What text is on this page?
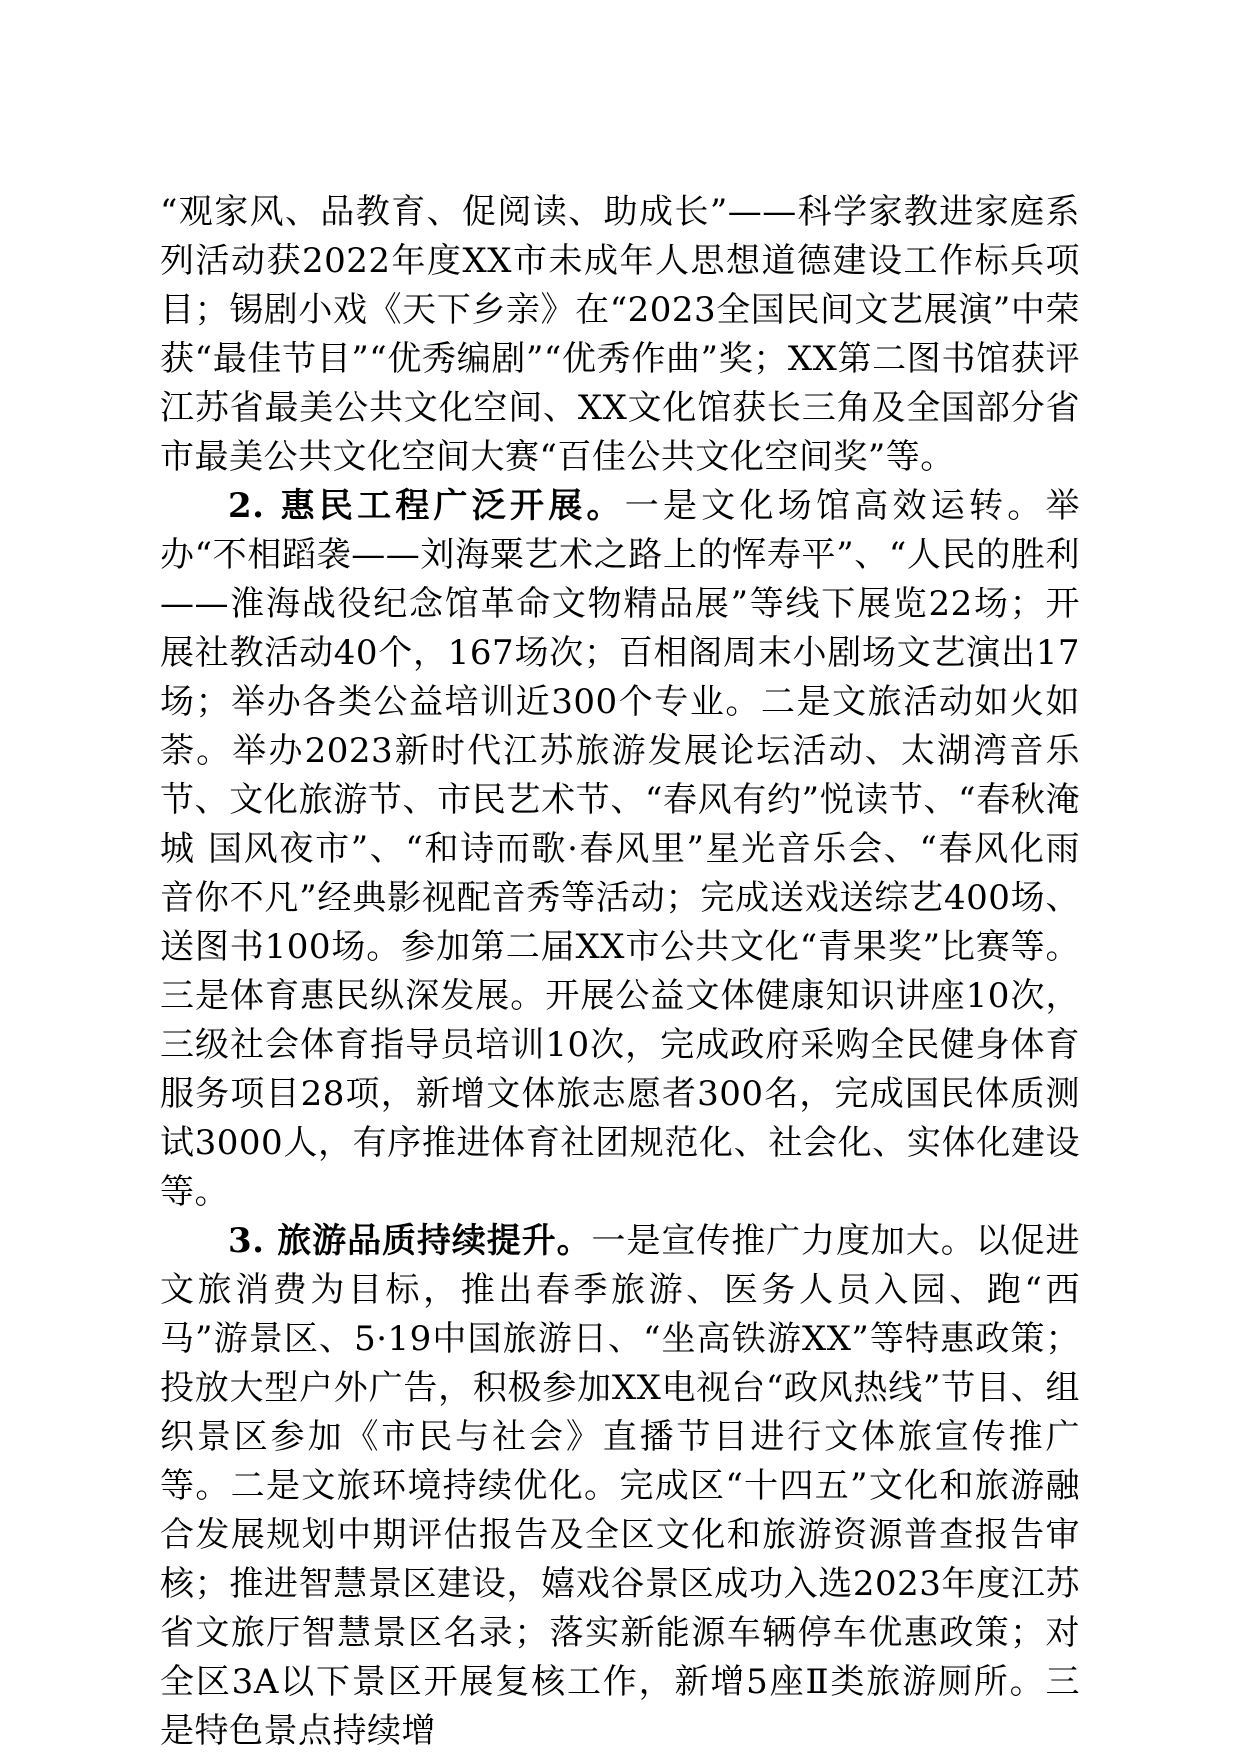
“观家风、品教育、促阅读、助成长”——科学家教进家庭系列活动获2022年度XX市未成年人思想道德建设工作标兵项目；锡剧小戏《天下乡亲》在“2023全国民间文艺展演”中荣获“最佳节目”“优秀编剧”“优秀作曲”奖；XX第二图书馆获评江苏省最美公共文化空间、XX文化馆获长三角及全国部分省市最美公共文化空间大赛“百佳公共文化空间奖”等。

2. 惠民工程广泛开展。一是文化场馆高效运转。举办“不相蹈袭——刘海粟艺术之路上的恽寿平”、“人民的胜利——淮海战役纪念馆革命文物精品展”等线下展览22场；开展社教活动40个，167场次；百相阁周末小剧场文艺演出17场；举办各类公益培训近300个专业。二是文旅活动如火如荼。举办2023新时代江苏旅游发展论坛活动、太湖湾音乐节、文化旅游节、市民艺术节、“春风有约”悦读节、“春秋淹城 国风夜市”、“和诗而歌·春风里”星光音乐会、“春风化雨 音你不凡”经典影视配音秀等活动；完成送戏送综艺400场、送图书100场。参加第二届XX市公共文化“青果奖”比赛等。三是体育惠民纵深发展。开展公益文体健康知识讲座10次，三级社会体育指导员培训10次，完成政府采购全民健身体育服务项目28项，新增文体旅志愿者300名，完成国民体质测试3000人，有序推进体育社团规范化、社会化、实体化建设等。

3. 旅游品质持续提升。一是宣传推广力度加大。以促进文旅消费为目标，推出春季旅游、医务人员入园、跑“西马”游景区、5·19中国旅游日、“坐高铁游XX”等特惠政策；投放大型户外广告，积极参加XX电视台“政风热线”节目、组织景区参加《市民与社会》直播节目进行文体旅宣传推广等。二是文旅环境持续优化。完成区“十四五”文化和旅游融合发展规划中期评估报告及全区文化和旅游资源普查报告审核；推进智慧景区建设，嬉戏谷景区成功入选2023年度江苏省文旅厅智慧景区名录；落实新能源车辆停车优惠政策；对全区3A以下景区开展复核工作，新增5座Ⅱ类旅游厕所。三是特色景点持续增
